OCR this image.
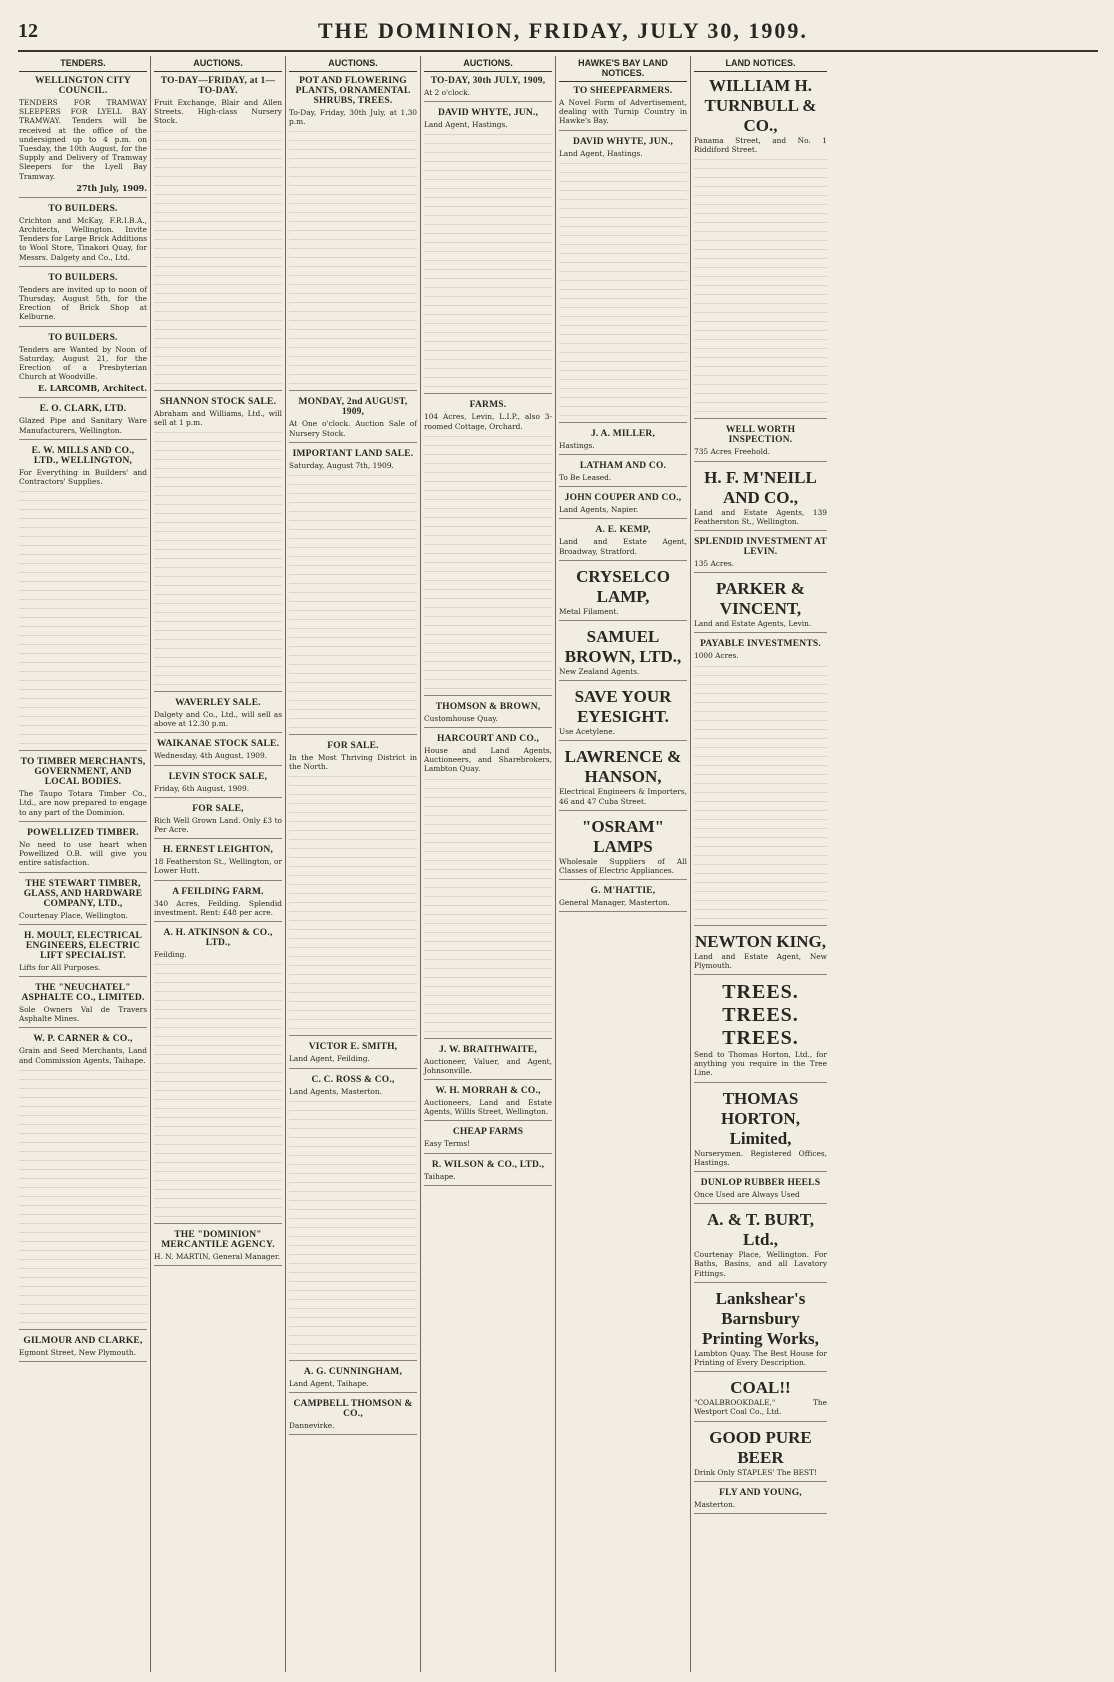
12	THE DOMINION, FRIDAY, JULY 30, 1909.
TENDERS.
WELLINGTON CITY COUNCIL.

TENDERS FOR TRAMWAY SLEEPERS FOR LYELL BAY TRAMWAY. Tenders will be received at the office of the undersigned up to 4 p.m. on Tuesday, the 10th August, for the Supply and Delivery of Tramway Sleepers for the Lyell Bay Tramway.

27th July, 1909.
TO BUILDERS.

Crichton and McKay, F.R.I.B.A., Architects, Wellington. Invite Tenders for Large Brick Additions to Wool Store, Tinakori Quay, for Messrs. Dalgety and Co., Ltd.

TO BUILDERS.

Tenders are invited up to noon of Thursday, August 5th, for the Erection of Brick Shop at Kelburne.

TO BUILDERS.

Tenders are Wanted by Noon of Saturday, August 21, for the Erection of a Presbyterian Church at Woodville.

E. LARCOMB, Architect.
E. O. CLARK, LTD.

Glazed Pipe and Sanitary Ware Manufacturers, Wellington.

E. W. MILLS AND CO., LTD., WELLINGTON,

For Everything in Builders' and Contractors' Supplies.

TO TIMBER MERCHANTS, GOVERNMENT, AND LOCAL BODIES.

The Taupo Totara Timber Co., Ltd., are now prepared to engage to any part of the Dominion.

POWELLIZED TIMBER.

No need to use heart when Powellized O.B. will give you entire satisfaction.

THE STEWART TIMBER, GLASS, AND HARDWARE COMPANY, LTD.,

Courtenay Place, Wellington.

H. MOULT, ELECTRICAL ENGINEERS, ELECTRIC LIFT SPECIALIST.

Lifts for All Purposes.

THE "NEUCHATEL" ASPHALTE CO., LIMITED.

Sole Owners Val de Travers Asphalte Mines.

W. P. CARNER & CO.,

Grain and Seed Merchants, Land and Commission Agents, Taihape.

GILMOUR AND CLARKE,

Egmont Street, New Plymouth.

AUCTIONS.
TO-DAY—FRIDAY, at 1—TO-DAY.

Fruit Exchange, Blair and Allen Streets. High-class Nursery Stock.

SHANNON STOCK SALE.

Abraham and Williams, Ltd., will sell at 1 p.m.

WAVERLEY SALE.

Dalgety and Co., Ltd., will sell as above at 12.30 p.m.

WAIKANAE STOCK SALE.

Wednesday, 4th August, 1909.

LEVIN STOCK SALE,

Friday, 6th August, 1909.

FOR SALE,

Rich Well Grown Land. Only £3 to Per Acre.

H. ERNEST LEIGHTON,

18 Featherston St., Wellington, or Lower Hutt.

A FEILDING FARM.

340 Acres, Feilding. Splendid investment. Rent: £48 per acre.

A. H. ATKINSON & CO., LTD.,

Feilding.

THE "DOMINION" MERCANTILE AGENCY.

H. N. MARTIN, General Manager.

AUCTIONS.
POT AND FLOWERING PLANTS, ORNAMENTAL SHRUBS, TREES.

To-Day, Friday, 30th July, at 1.30 p.m.

MONDAY, 2nd AUGUST, 1909,

At One o'clock. Auction Sale of Nursery Stock.

IMPORTANT LAND SALE.

Saturday, August 7th, 1909.

FOR SALE.

In the Most Thriving District in the North.

VICTOR E. SMITH,

Land Agent, Feilding.

C. C. ROSS & CO.,

Land Agents, Masterton.

A. G. CUNNINGHAM,

Land Agent, Taihape.

CAMPBELL THOMSON & CO.,

Dannevirke.

AUCTIONS.
TO-DAY, 30th JULY, 1909,

At 2 o'clock.

DAVID WHYTE, JUN.,

Land Agent, Hastings.

FARMS.

104 Acres, Levin, L.I.P., also 3-roomed Cottage, Orchard.

THOMSON & BROWN,

Customhouse Quay.

HARCOURT AND CO.,

House and Land Agents, Auctioneers, and Sharebrokers, Lambton Quay.

J. W. BRAITHWAITE,

Auctioneer, Valuer, and Agent, Johnsonville.

W. H. MORRAH & CO.,

Auctioneers, Land and Estate Agents, Willis Street, Wellington.

CHEAP FARMS

Easy Terms!

R. WILSON & CO., LTD.,

Taihape.

HAWKE'S BAY LAND NOTICES.
TO SHEEPFARMERS.

A Novel Form of Advertisement, dealing with Turnip Country in Hawke's Bay.

DAVID WHYTE, JUN.,

Land Agent, Hastings.

J. A. MILLER,

Hastings.

LATHAM AND CO.

To Be Leased.

JOHN COUPER AND CO.,

Land Agents, Napier.

A. E. KEMP,

Land and Estate Agent, Broadway, Stratford.

CRYSELCO LAMP,

Metal Filament.

SAMUEL BROWN, LTD.,

New Zealand Agents.

SAVE YOUR EYESIGHT.

Use Acetylene.

LAWRENCE & HANSON,

Electrical Engineers & Importers, 46 and 47 Cuba Street.

"OSRAM" LAMPS

Wholesale Suppliers of All Classes of Electric Appliances.

G. M'HATTIE,

General Manager, Masterton.

LAND NOTICES.
WILLIAM H. TURNBULL & CO.,

Panama Street, and No. 1 Riddiford Street.

WELL WORTH INSPECTION.

735 Acres Freehold.

H. F. M'NEILL AND CO.,

Land and Estate Agents, 139 Featherston St., Wellington.

SPLENDID INVESTMENT AT LEVIN.

135 Acres.

PARKER & VINCENT,

Land and Estate Agents, Levin.

PAYABLE INVESTMENTS.

1000 Acres.

NEWTON KING,

Land and Estate Agent, New Plymouth.

TREES. TREES. TREES.

Send to Thomas Horton, Ltd., for anything you require in the Tree Line.

THOMAS HORTON, Limited,

Nurserymen. Registered Offices, Hastings.

DUNLOP RUBBER HEELS

Once Used are Always Used

A. & T. BURT, Ltd.,

Courtenay Place, Wellington. For Baths, Basins, and all Lavatory Fittings.

Lankshear's Barnsbury Printing Works,

Lambton Quay. The Best House for Printing of Every Description.

COAL!!

"COALBROOKDALE," The Westport Coal Co., Ltd.

GOOD PURE BEER

Drink Only STAPLES' The BEST!

FLY AND YOUNG,

Masterton.
